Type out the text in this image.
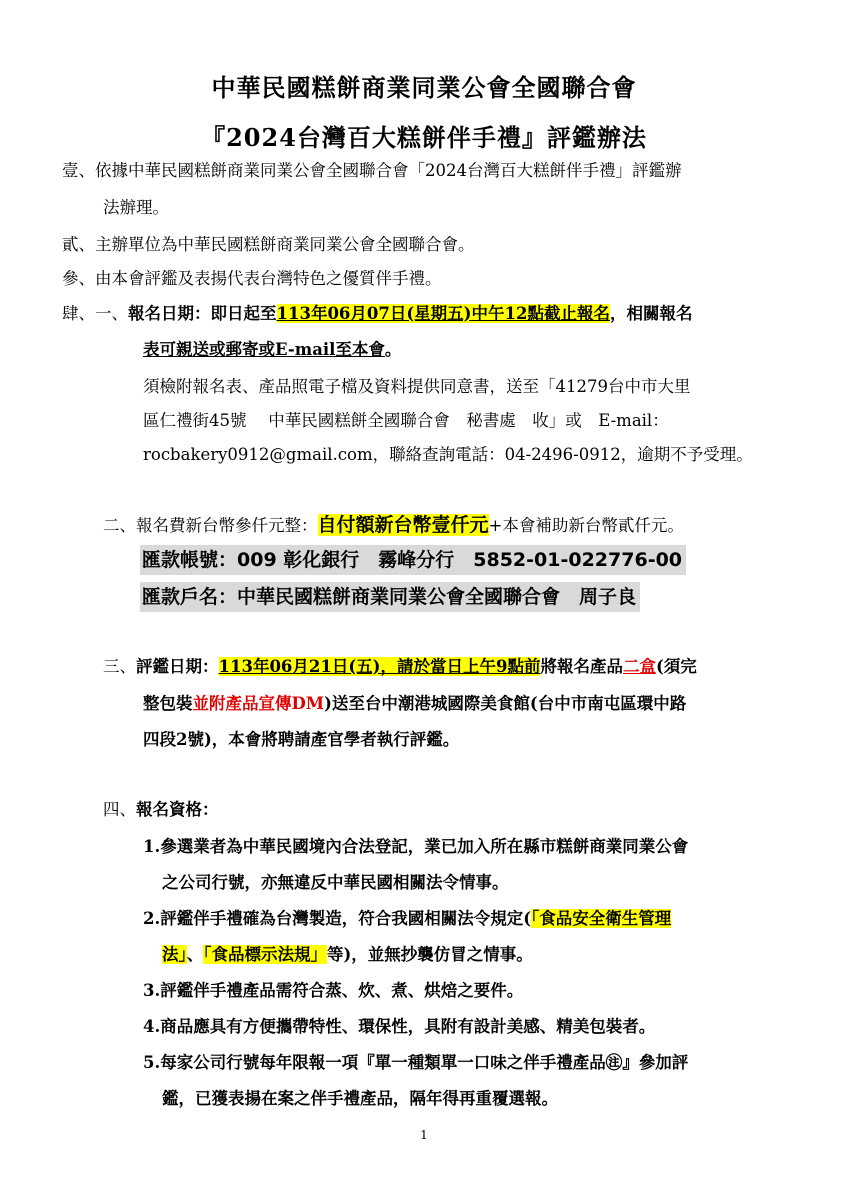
中華民國糕餅商業同業公會全國聯合會
『2024台灣百大糕餅伴手禮』評鑑辦法
壹、依據中華民國糕餅商業同業公會全國聯合會「2024台灣百大糕餅伴手禮」評鑑辦
法辦理。
貳、主辦單位為中華民國糕餅商業同業公會全國聯合會。
參、由本會評鑑及表揚代表台灣特色之優質伴手禮。
肆、一、報名日期：即日起至113年06月07日(星期五)中午12點截止報名，相關報名
表可親送或郵寄或E-mail至本會。
須檢附報名表、產品照電子檔及資料提供同意書，送至「41279台中市大里
區仁禮街45號　 中華民國糕餅全國聯合會　秘書處　收」或　E-mail：
rocbakery0912@gmail.com，聯絡查詢電話：04-2496-0912，逾期不予受理。
二、報名費新台幣參仟元整：自付額新台幣壹仟元+本會補助新台幣貳仟元。
匯款帳號：009 彰化銀行　霧峰分行　5852-01-022776-00
匯款戶名：中華民國糕餅商業同業公會全國聯合會　周子良
三、評鑑日期：113年06月21日(五)，請於當日上午9點前將報名產品二盒(須完
整包裝並附產品宣傳DM)送至台中潮港城國際美食館(台中市南屯區環中路
四段2號)，本會將聘請產官學者執行評鑑。
四、報名資格：
1.參選業者為中華民國境內合法登記，業已加入所在縣市糕餅商業同業公會
之公司行號，亦無違反中華民國相關法令情事。
2.評鑑伴手禮確為台灣製造，符合我國相關法令規定(「食品安全衛生管理
法」、「食品標示法規」等)，並無抄襲仿冒之情事。
3.評鑑伴手禮產品需符合蒸、炊、煮、烘焙之要件。
4.商品應具有方便攜帶特性、環保性，具附有設計美感、精美包裝者。
5.每家公司行號每年限報一項『單一種類單一口味之伴手禮產品㊟』參加評
鑑，已獲表揚在案之伴手禮產品，隔年得再重覆選報。
1
